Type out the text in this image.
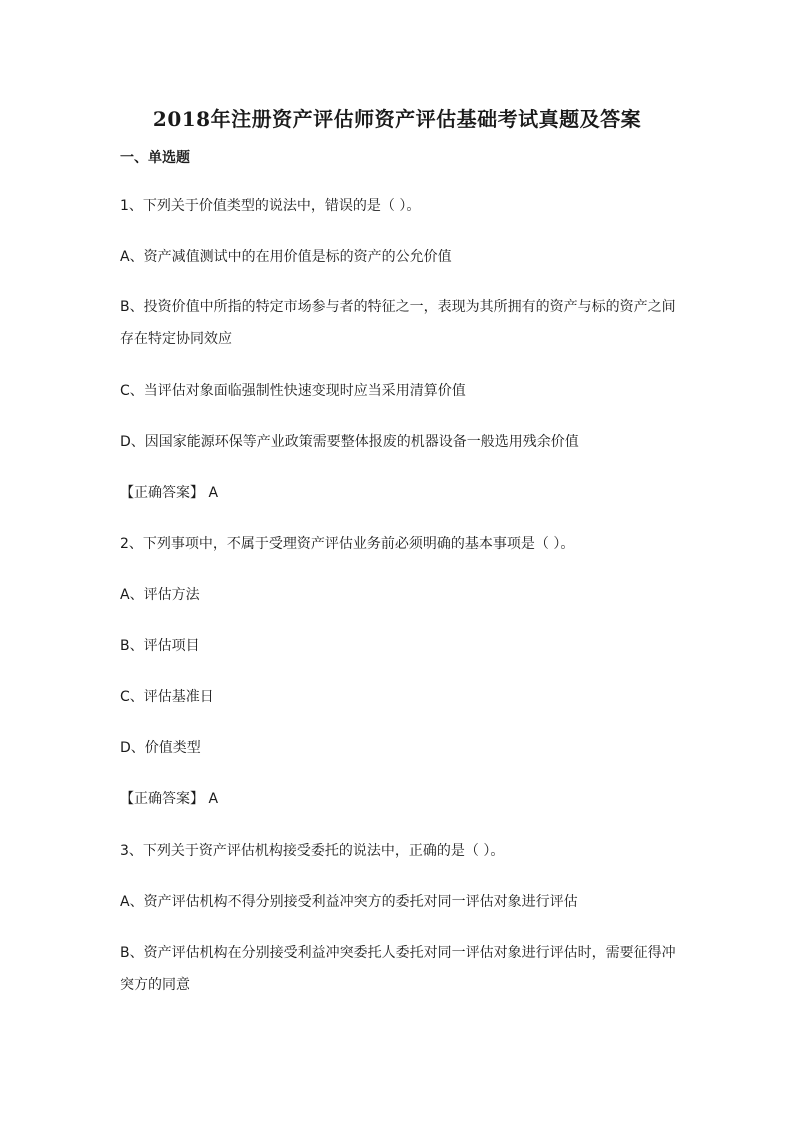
2018年注册资产评估师资产评估基础考试真题及答案
一、单选题
1、下列关于价值类型的说法中，错误的是（ ）。
A、资产减值测试中的在用价值是标的资产的公允价值
B、投资价值中所指的特定市场参与者的特征之一，表现为其所拥有的资产与标的资产之间存在特定协同效应
C、当评估对象面临强制性快速变现时应当采用清算价值
D、因国家能源环保等产业政策需要整体报废的机器设备一般选用残余价值
【正确答案】 A
2、下列事项中，不属于受理资产评估业务前必须明确的基本事项是（ ）。
A、评估方法
B、评估项目
C、评估基准日
D、价值类型
【正确答案】 A
3、下列关于资产评估机构接受委托的说法中，正确的是（ ）。
A、资产评估机构不得分别接受利益冲突方的委托对同一评估对象进行评估
B、资产评估机构在分别接受利益冲突委托人委托对同一评估对象进行评估时，需要征得冲突方的同意
